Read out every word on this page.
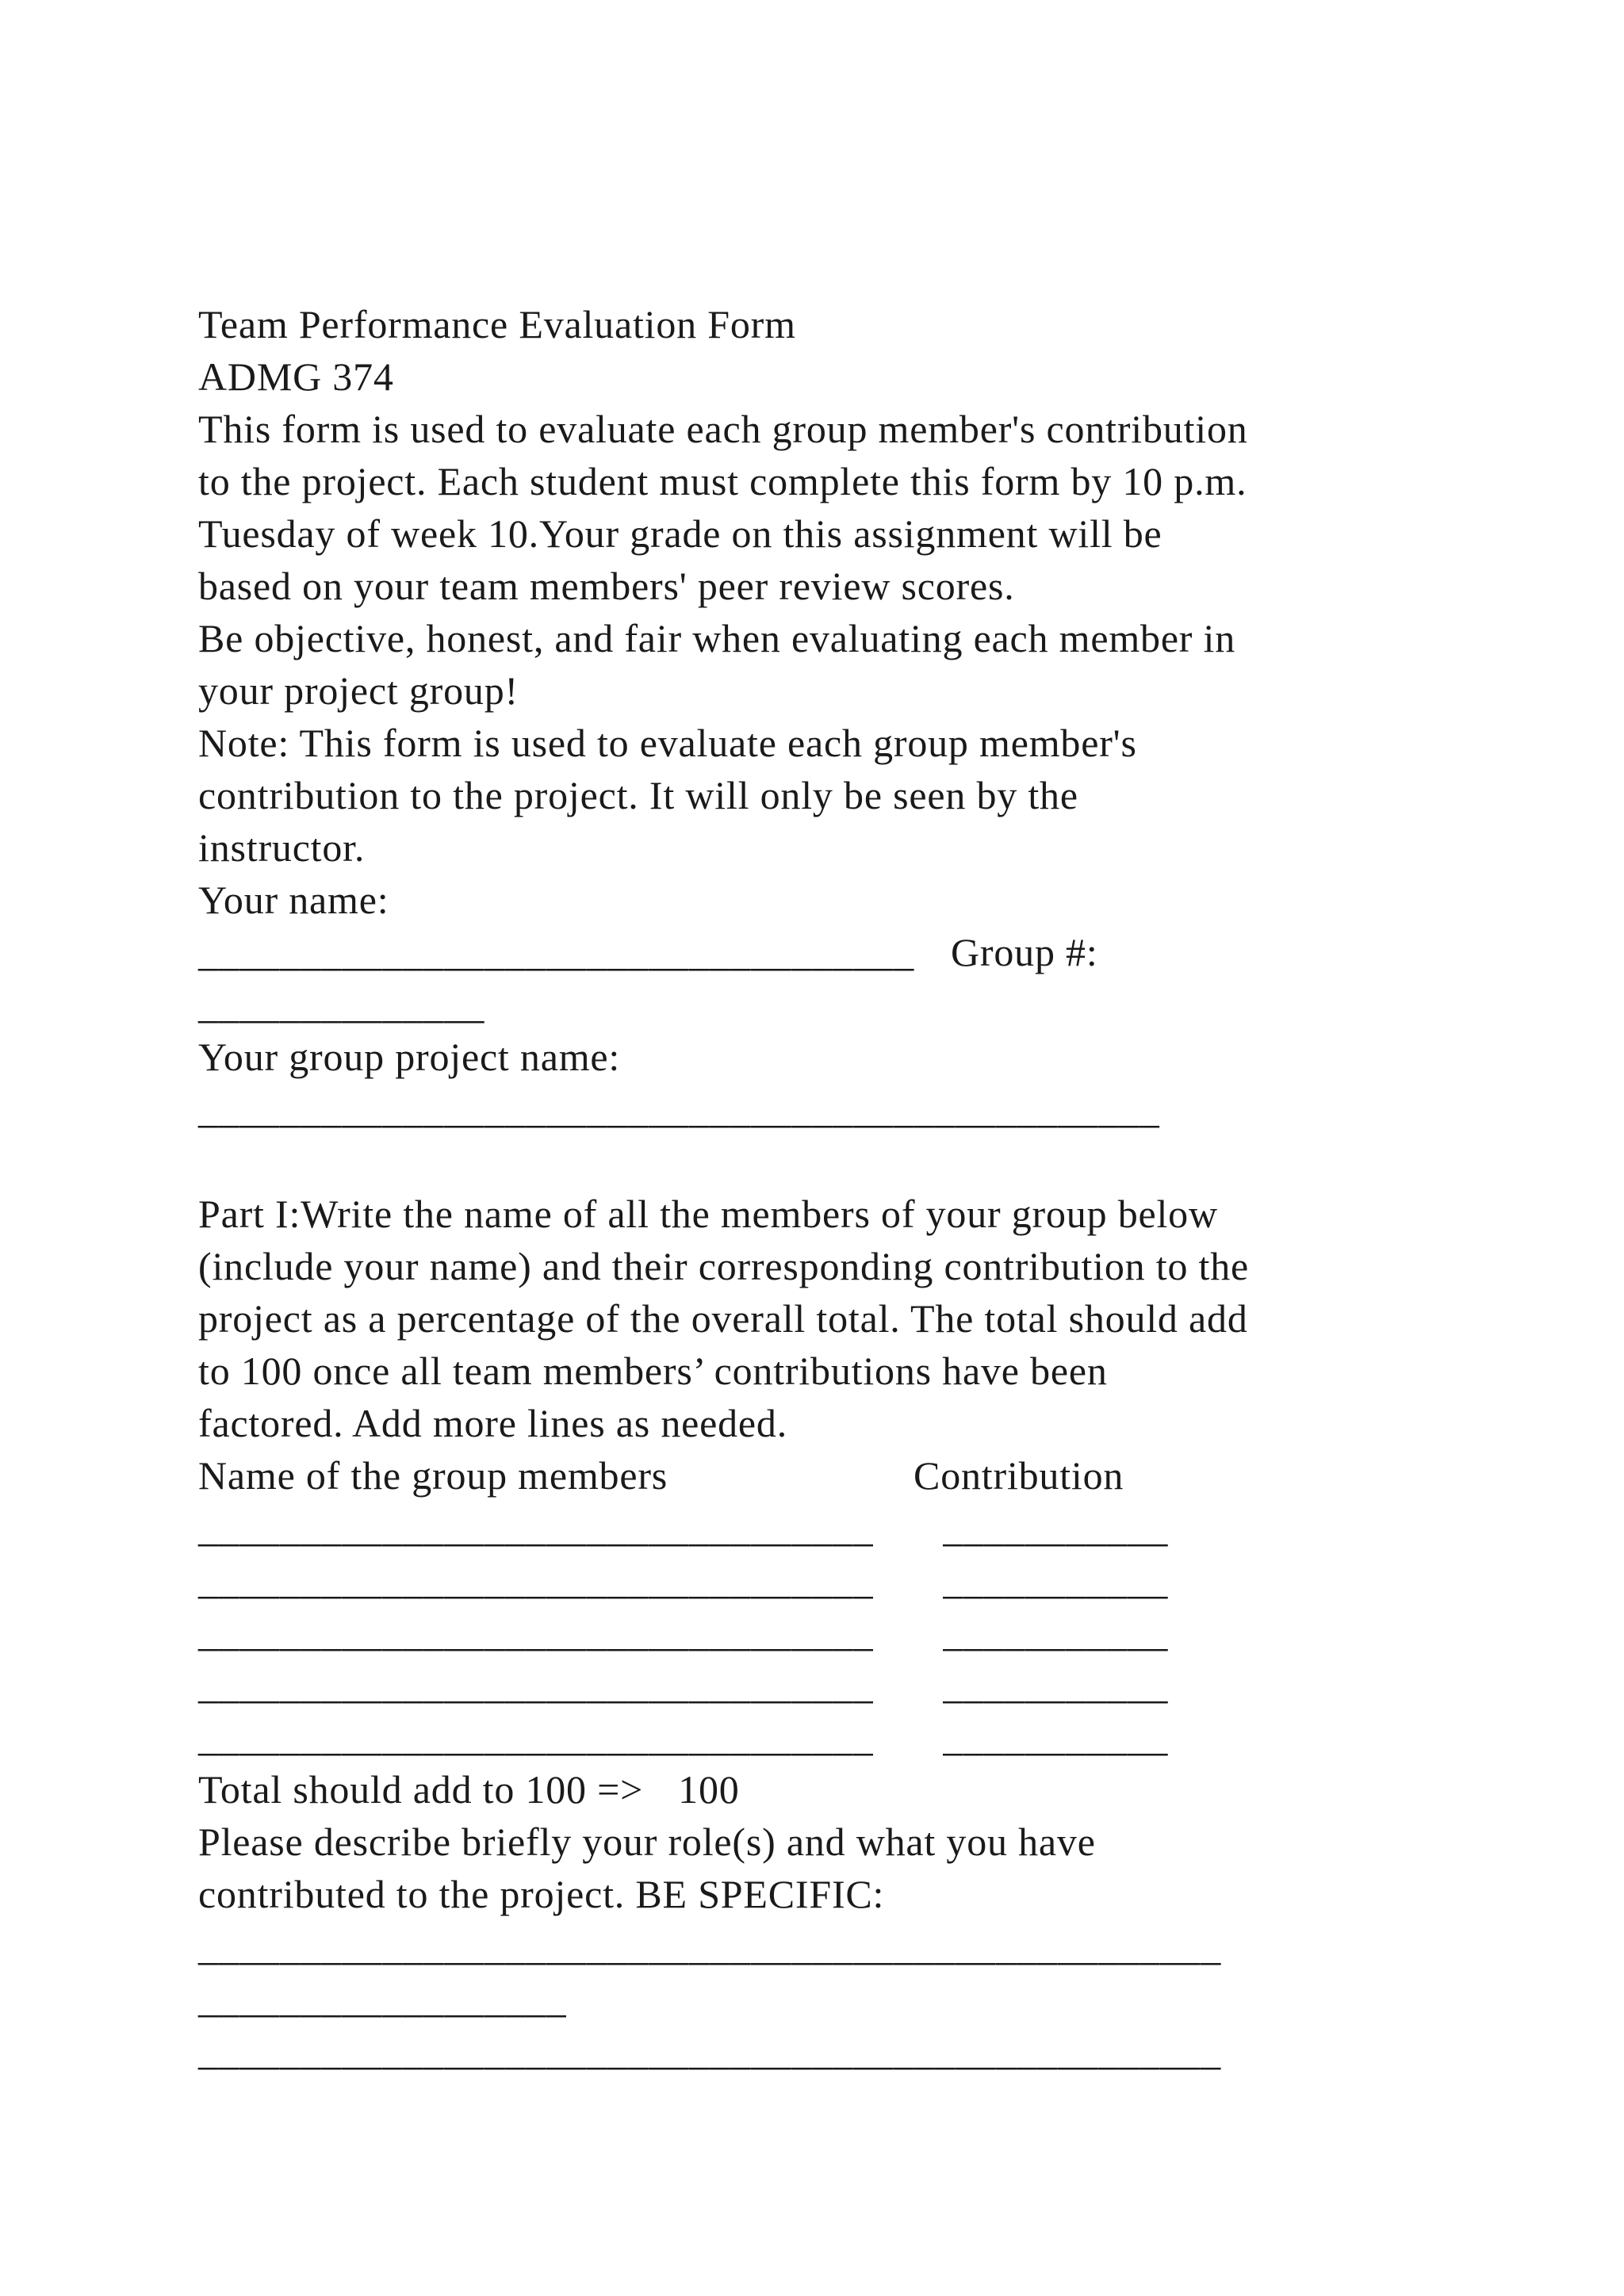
Team Performance Evaluation Form
ADMG 374
This form is used to evaluate each group member's contribution
to the project. Each student must complete this form by 10 p.m.
Tuesday of week 10.Your grade on this assignment will be
based on your team members' peer review scores.
Be objective, honest, and fair when evaluating each member in
your project group!
Note: This form is used to evaluate each group member's
contribution to the project. It will only be seen by the
instructor.
Your name:
___________________________________ Group #:
______________
Your group project name:
_______________________________________________
Part I:Write the name of all the members of your group below
(include your name) and their corresponding contribution to the
project as a percentage of the overall total. The total should add
to 100 once all team members’ contributions have been
factored. Add more lines as needed.
Name of the group members	Contribution
_________________________________ ___________
_________________________________ ___________
_________________________________ ___________
_________________________________ ___________
_________________________________ ___________
Total should add to 100 => 100
Please describe briefly your role(s) and what you have
contributed to the project. BE SPECIFIC:
__________________________________________________
__________________
__________________________________________________
